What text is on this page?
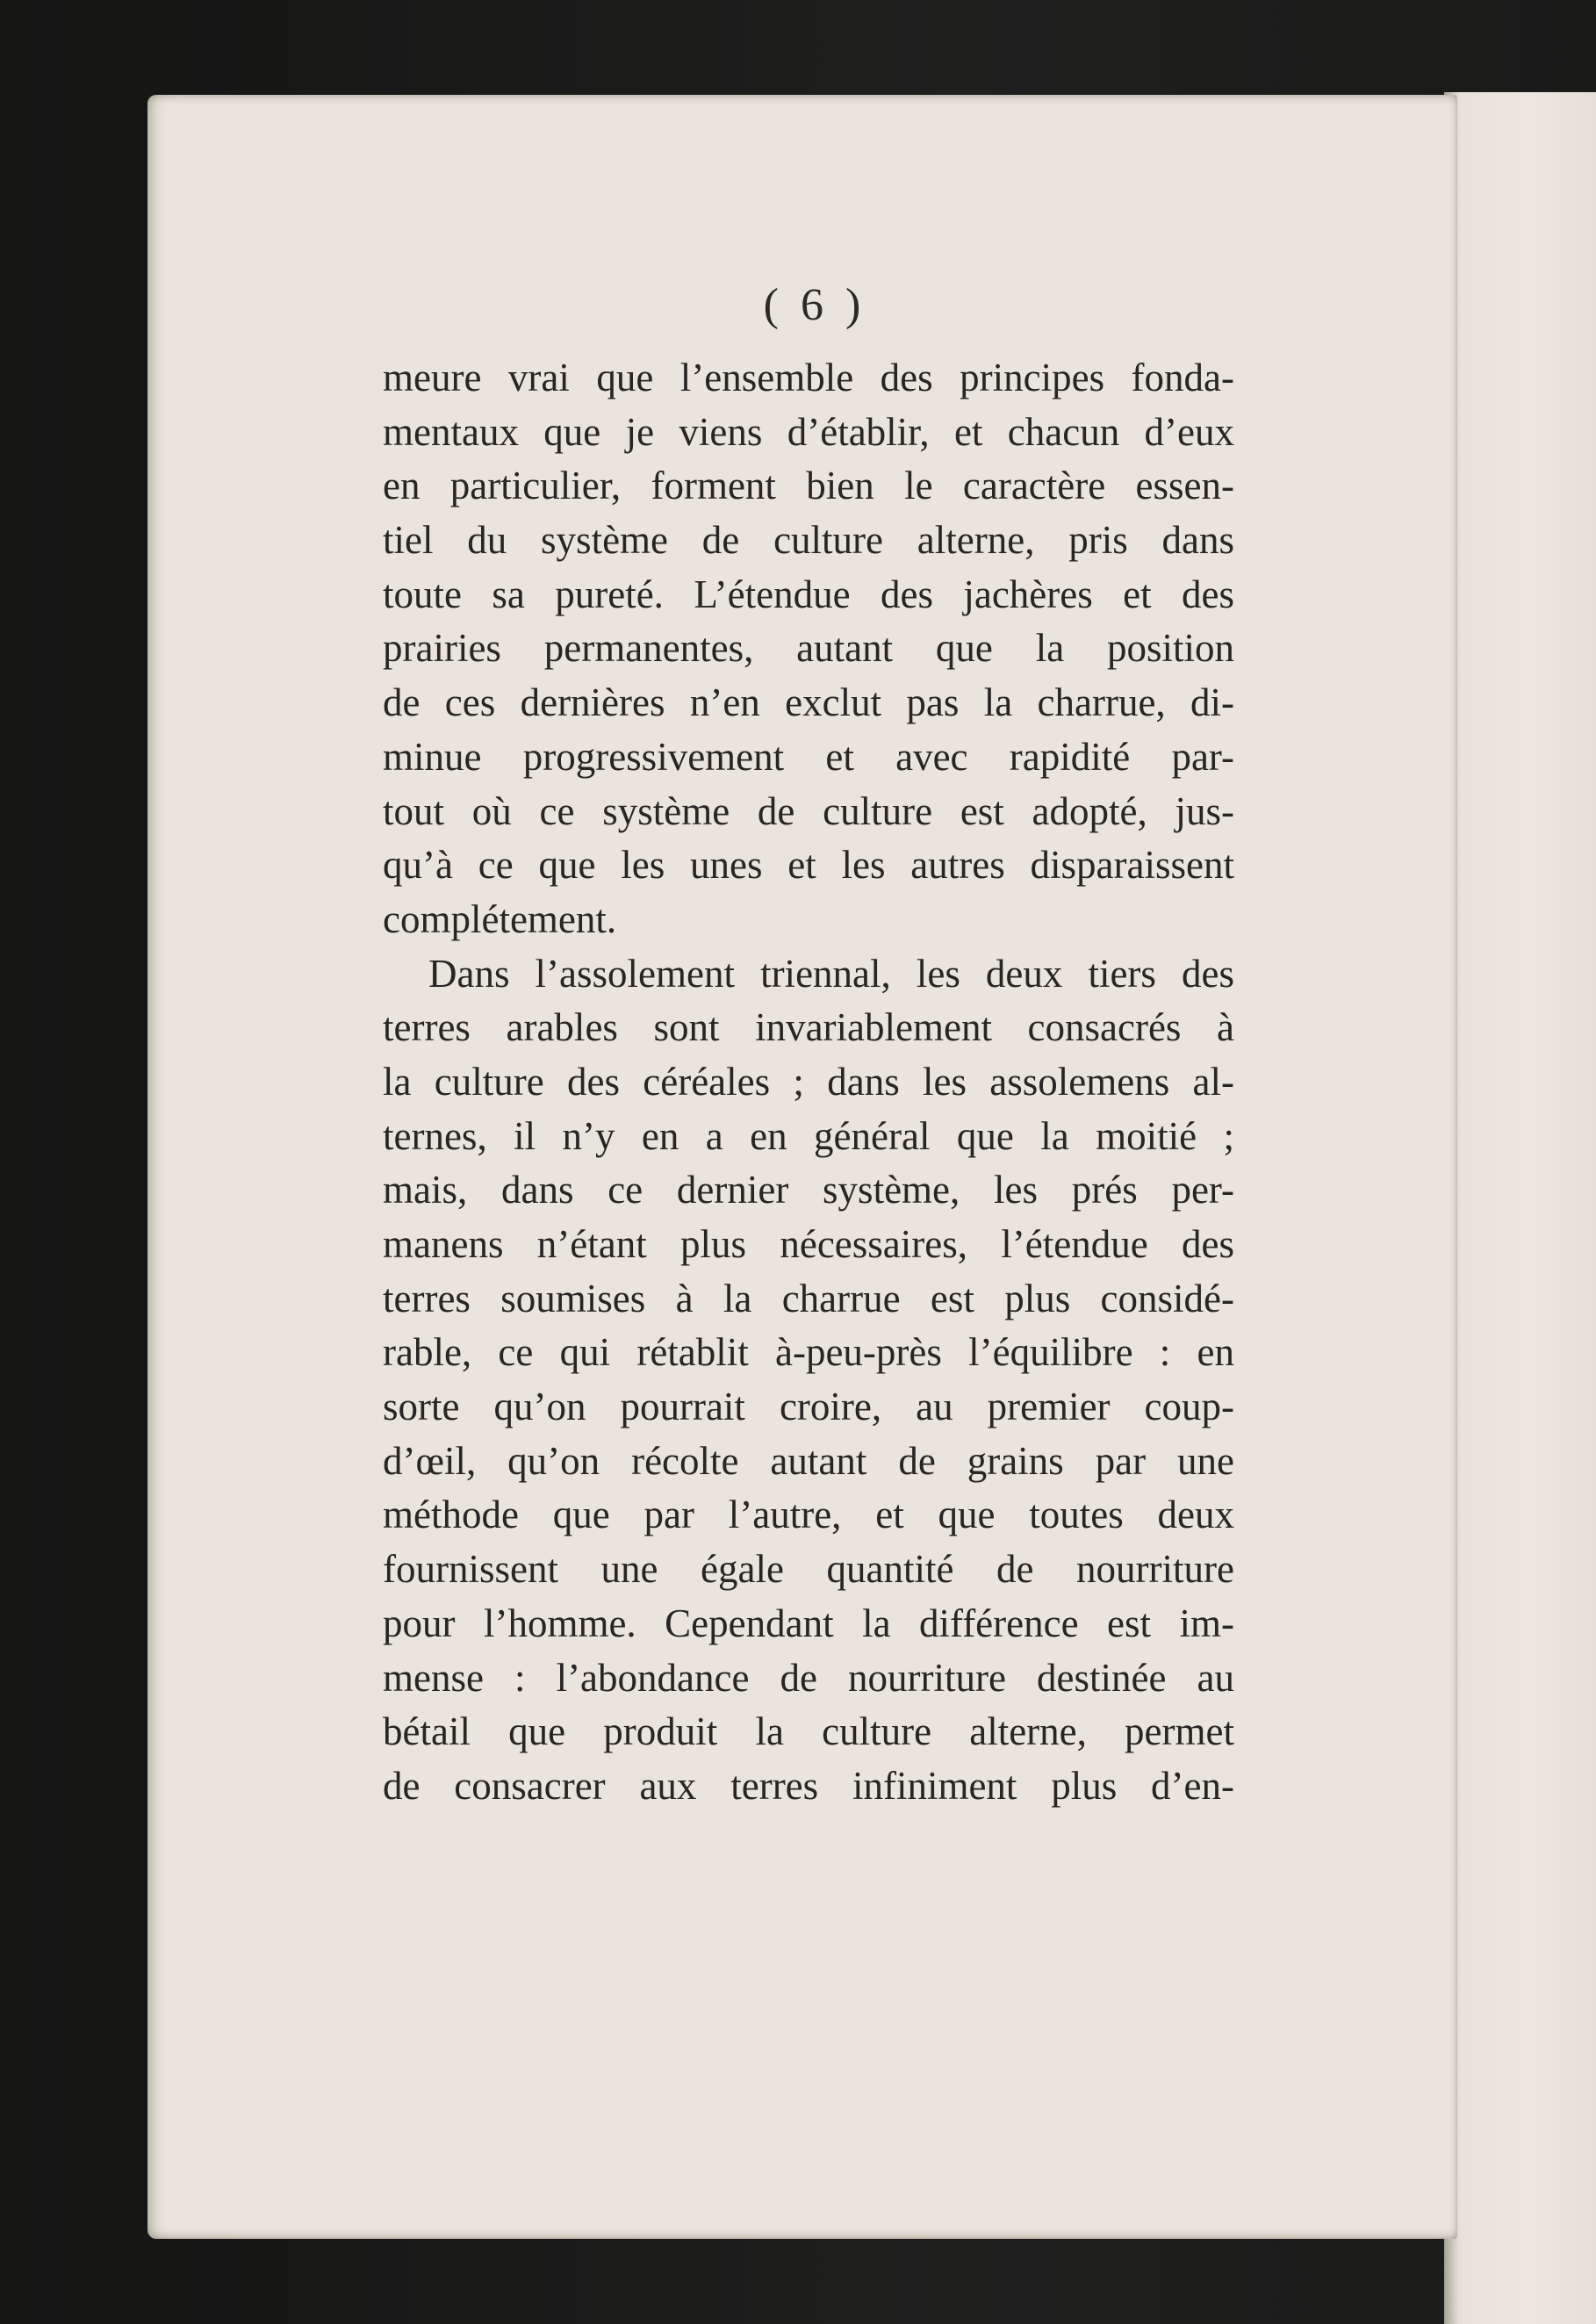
( 6 )
meure vrai que l’ensemble des principes fonda-
mentaux que je viens d’établir, et chacun d’eux
en particulier, forment bien le caractère essen-
tiel du système de culture alterne, pris dans
toute sa pureté. L’étendue des jachères et des
prairies permanentes, autant que la position
de ces dernières n’en exclut pas la charrue, di-
minue progressivement et avec rapidité par-
tout où ce système de culture est adopté, jus-
qu’à ce que les unes et les autres disparaissent
complétement.
Dans l’assolement triennal, les deux tiers des
terres arables sont invariablement consacrés à
la culture des céréales ; dans les assolemens al-
ternes, il n’y en a en général que la moitié ;
mais, dans ce dernier système, les prés per-
manens n’étant plus nécessaires, l’étendue des
terres soumises à la charrue est plus considé-
rable, ce qui rétablit à-peu-près l’équilibre : en
sorte qu’on pourrait croire, au premier coup-
d’œil, qu’on récolte autant de grains par une
méthode que par l’autre, et que toutes deux
fournissent une égale quantité de nourriture
pour l’homme. Cependant la différence est im-
mense : l’abondance de nourriture destinée au
bétail que produit la culture alterne, permet
de consacrer aux terres infiniment plus d’en-
